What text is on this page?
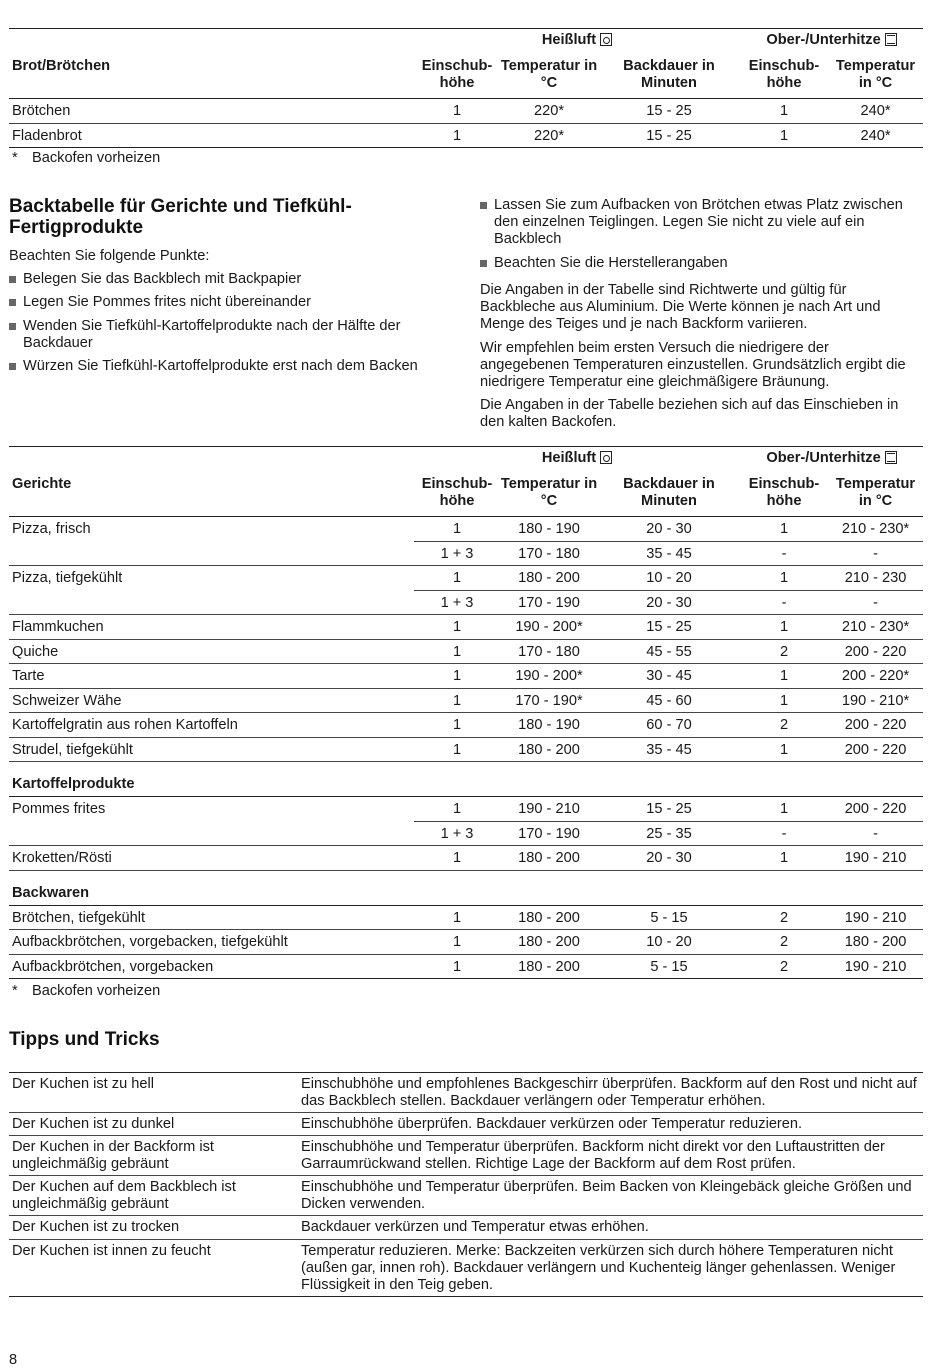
	Heißluft			Ober-/Unterhitze	
Brot/Brötchen	Einschub-höhe	Temperatur in °C	Backdauer in Minuten	Einschub-höhe	Temperatur in °C
Brötchen	1	220*	15 - 25	1	240*
Fladenbrot	1	220*	15 - 25	1	240*
* Backofen vorheizen
Backtabelle für Gerichte und Tiefkühl-Fertigprodukte

Beachten Sie folgende Punkte:

Belegen Sie das Backblech mit Backpapier
Legen Sie Pommes frites nicht übereinander
Wenden Sie Tiefkühl-Kartoffelprodukte nach der Hälfte der Backdauer
Würzen Sie Tiefkühl-Kartoffelprodukte erst nach dem Backen
Lassen Sie zum Aufbacken von Brötchen etwas Platz zwischen den einzelnen Teiglingen. Legen Sie nicht zu viele auf ein Backblech
Beachten Sie die Herstellerangaben

Die Angaben in der Tabelle sind Richtwerte und gültig für Backbleche aus Aluminium. Die Werte können je nach Art und Menge des Teiges und je nach Backform variieren.

Wir empfehlen beim ersten Versuch die niedrigere der angegebenen Temperaturen einzustellen. Grundsätzlich ergibt die niedrigere Temperatur eine gleichmäßigere Bräunung.

Die Angaben in der Tabelle beziehen sich auf das Einschieben in den kalten Backofen.

	Heißluft			Ober-/Unterhitze	
Gerichte	Einschub-höhe	Temperatur in °C	Backdauer in Minuten	Einschub-höhe	Temperatur in °C
Pizza, frisch	1	180 - 190	20 - 30	1	210 - 230*
	1 + 3	170 - 180	35 - 45	-	-
Pizza, tiefgekühlt	1	180 - 200	10 - 20	1	210 - 230
	1 + 3	170 - 190	20 - 30	-	-
Flammkuchen	1	190 - 200*	15 - 25	1	210 - 230*
Quiche	1	170 - 180	45 - 55	2	200 - 220
Tarte	1	190 - 200*	30 - 45	1	200 - 220*
Schweizer Wähe	1	170 - 190*	45 - 60	1	190 - 210*
Kartoffelgratin aus rohen Kartoffeln	1	180 - 190	60 - 70	2	200 - 220
Strudel, tiefgekühlt	1	180 - 200	35 - 45	1	200 - 220
Kartoffelprodukte					
Pommes frites	1	190 - 210	15 - 25	1	200 - 220
	1 + 3	170 - 190	25 - 35	-	-
Kroketten/Rösti	1	180 - 200	20 - 30	1	190 - 210
Backwaren					
Brötchen, tiefgekühlt	1	180 - 200	5 - 15	2	190 - 210
Aufbackbrötchen, vorgebacken, tiefgekühlt	1	180 - 200	10 - 20	2	180 - 200
Aufbackbrötchen, vorgebacken	1	180 - 200	5 - 15	2	190 - 210
* Backofen vorheizen
Tipps und Tricks
Der Kuchen ist zu hell	Einschubhöhe und empfohlenes Backgeschirr überprüfen. Backform auf den Rost und nicht auf das Backblech stellen. Backdauer verlängern oder Temperatur erhöhen.
Der Kuchen ist zu dunkel	Einschubhöhe überprüfen. Backdauer verkürzen oder Temperatur reduzieren.
Der Kuchen in der Backform ist ungleichmäßig gebräunt	Einschubhöhe und Temperatur überprüfen. Backform nicht direkt vor den Luftaustritten der Garraumrückwand stellen. Richtige Lage der Backform auf dem Rost prüfen.
Der Kuchen auf dem Backblech ist ungleichmäßig gebräunt	Einschubhöhe und Temperatur überprüfen. Beim Backen von Kleingebäck gleiche Größen und Dicken verwenden.
Der Kuchen ist zu trocken	Backdauer verkürzen und Temperatur etwas erhöhen.
Der Kuchen ist innen zu feucht	Temperatur reduzieren. Merke: Backzeiten verkürzen sich durch höhere Temperaturen nicht (außen gar, innen roh). Backdauer verlängern und Kuchenteig länger gehenlassen. Weniger Flüssigkeit in den Teig geben.
8
